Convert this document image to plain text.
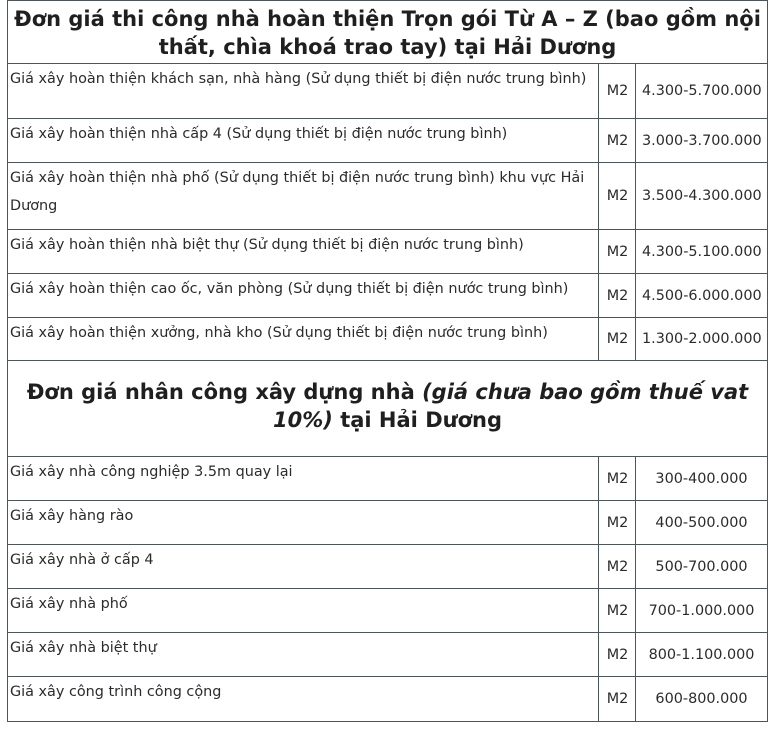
Đơn giá thi công nhà hoàn thiện Trọn gói Từ A – Z (bao gồm nội thất, chìa khoá trao tay) tại Hải Dương		
Giá xây hoàn thiện khách sạn, nhà hàng (Sử dụng thiết bị điện nước trung bình)	M2	4.300-5.700.000
Giá xây hoàn thiện nhà cấp 4 (Sử dụng thiết bị điện nước trung bình)	M2	3.000-3.700.000
Giá xây hoàn thiện nhà phố (Sử dụng thiết bị điện nước trung bình) khu vực Hải Dương	M2	3.500-4.300.000
Giá xây hoàn thiện nhà biệt thự (Sử dụng thiết bị điện nước trung bình)	M2	4.300-5.100.000
Giá xây hoàn thiện cao ốc, văn phòng (Sử dụng thiết bị điện nước trung bình)	M2	4.500-6.000.000
Giá xây hoàn thiện xưởng, nhà kho (Sử dụng thiết bị điện nước trung bình)	M2	1.300-2.000.000
Đơn giá nhân công xây dựng nhà (giá chưa bao gồm thuế vat 10%) tại Hải Dương		
Giá xây nhà công nghiệp 3.5m quay lại	M2	300-400.000
Giá xây hàng rào	M2	400-500.000
Giá xây nhà ở cấp 4	M2	500-700.000
Giá xây nhà phố	M2	700-1.000.000
Giá xây nhà biệt thự	M2	800-1.100.000
Giá xây công trình công cộng	M2	600-800.000
